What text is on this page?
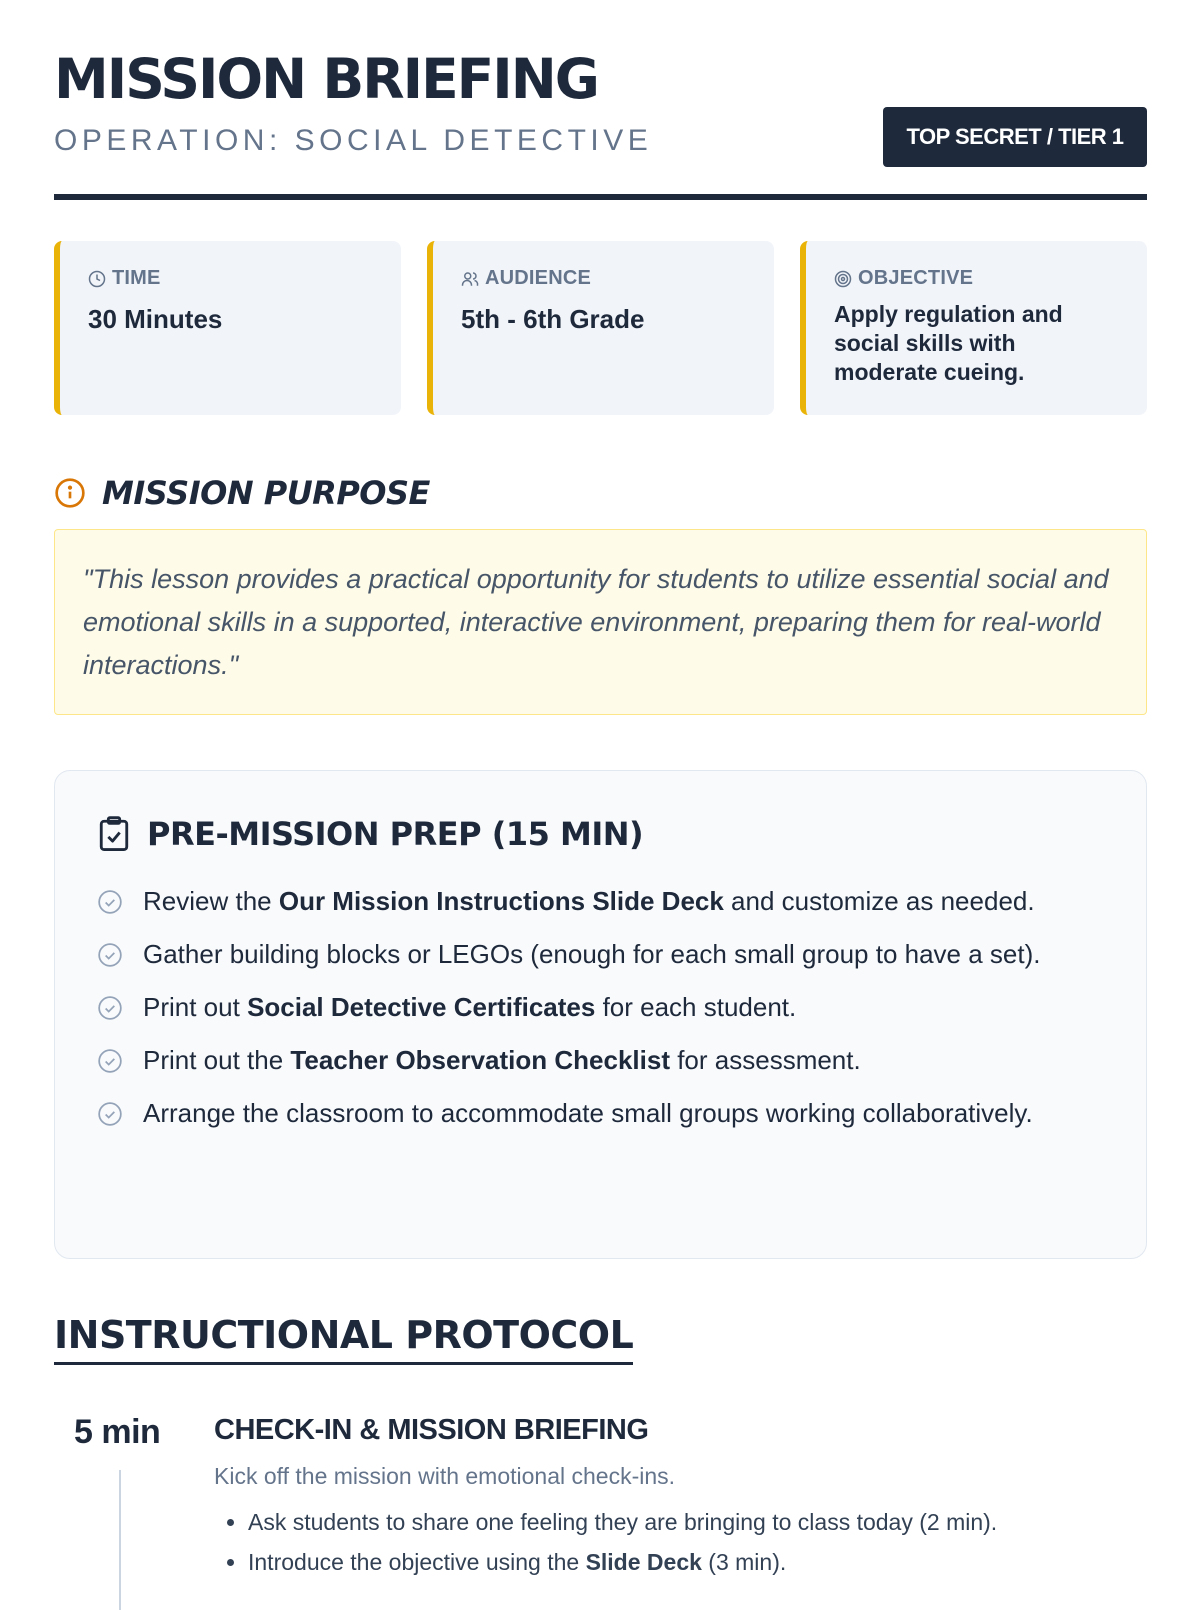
MISSION BRIEFING
OPERATION: SOCIAL DETECTIVE	TOP SECRET / TIER 1
TIME
30 Minutes
AUDIENCE
5th - 6th Grade
OBJECTIVE
Apply regulation and social skills with moderate cueing.
MISSION PURPOSE
"This lesson provides a practical opportunity for students to utilize essential social and emotional skills in a supported, interactive environment, preparing them for real-world interactions."
PRE-MISSION PREP (15 MIN)
Review the Our Mission Instructions Slide Deck and customize as needed.
Gather building blocks or LEGOs (enough for each small group to have a set).
Print out Social Detective Certificates for each student.
Print out the Teacher Observation Checklist for assessment.
Arrange the classroom to accommodate small groups working collaboratively.
INSTRUCTIONAL PROTOCOL
5 min CHECK-IN & MISSION BRIEFING
Kick off the mission with emotional check-ins.
• Ask students to share one feeling they are bringing to class today (2 min).
• Introduce the objective using the Slide Deck (3 min).
